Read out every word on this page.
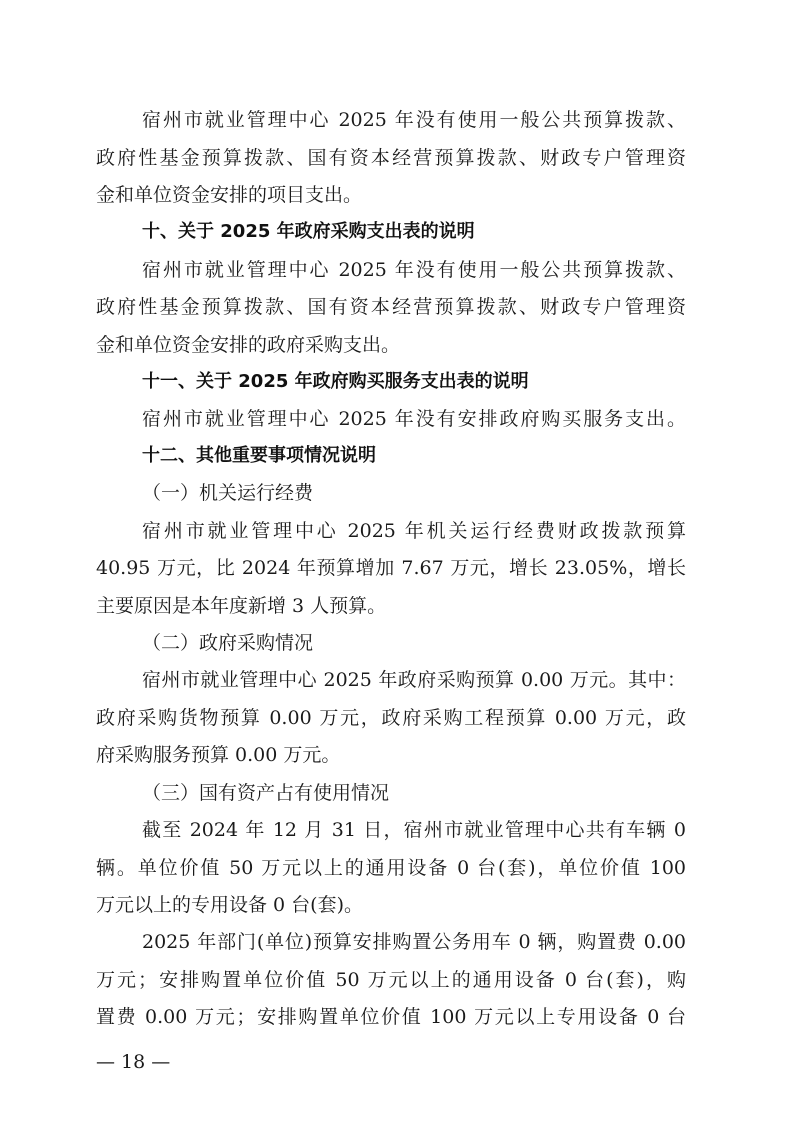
宿州市就业管理中心 2025 年没有使用一般公共预算拨款、
政府性基金预算拨款、国有资本经营预算拨款、财政专户管理资
金和单位资金安排的项目支出。
十、关于 2025 年政府采购支出表的说明
宿州市就业管理中心 2025 年没有使用一般公共预算拨款、
政府性基金预算拨款、国有资本经营预算拨款、财政专户管理资
金和单位资金安排的政府采购支出。
十一、关于 2025 年政府购买服务支出表的说明
宿州市就业管理中心 2025 年没有安排政府购买服务支出。
十二、其他重要事项情况说明
（一）机关运行经费
宿州市就业管理中心 2025 年机关运行经费财政拨款预算
40.95 万元，比 2024 年预算增加 7.67 万元，增长 23.05%，增长
主要原因是本年度新增 3 人预算。
（二）政府采购情况
宿州市就业管理中心 2025 年政府采购预算 0.00 万元。其中：
政府采购货物预算 0.00 万元，政府采购工程预算 0.00 万元，政
府采购服务预算 0.00 万元。
（三）国有资产占有使用情况
截至 2024 年 12 月 31 日，宿州市就业管理中心共有车辆 0
辆。单位价值 50 万元以上的通用设备 0 台(套)，单位价值 100
万元以上的专用设备 0 台(套)。
2025 年部门(单位)预算安排购置公务用车 0 辆，购置费 0.00
万元；安排购置单位价值 50 万元以上的通用设备 0 台(套)，购
置费 0.00 万元；安排购置单位价值 100 万元以上专用设备 0 台
— 18 —
